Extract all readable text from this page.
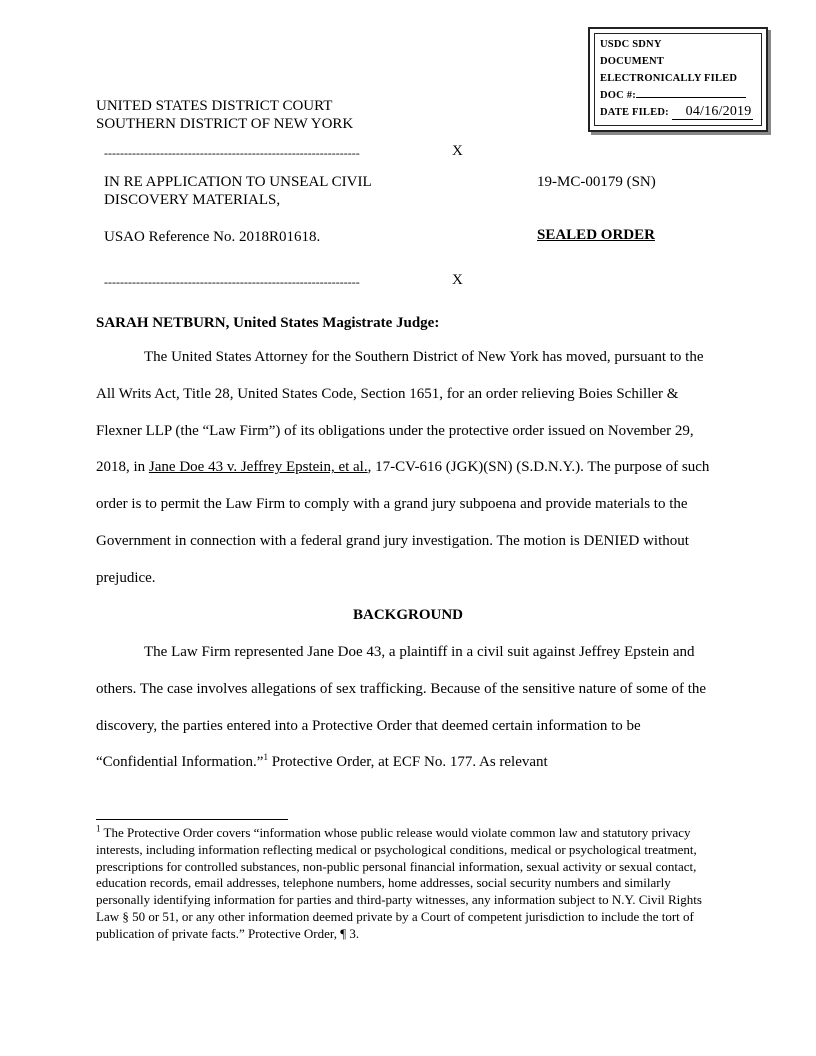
USDC SDNY
DOCUMENT
ELECTRONICALLY FILED
DOC #:
DATE FILED: 04/16/2019
UNITED STATES DISTRICT COURT
SOUTHERN DISTRICT OF NEW YORK
----------------------------------------------------------------	X
IN RE APPLICATION TO UNSEAL CIVIL
DISCOVERY MATERIALS,
19-MC-00179 (SN)
USAO Reference No. 2018R01618.	SEALED ORDER
----------------------------------------------------------------	X
SARAH NETBURN, United States Magistrate Judge:
The United States Attorney for the Southern District of New York has moved, pursuant to the All Writs Act, Title 28, United States Code, Section 1651, for an order relieving Boies Schiller & Flexner LLP (the “Law Firm”) of its obligations under the protective order issued on November 29, 2018, in Jane Doe 43 v. Jeffrey Epstein, et al., 17-CV-616 (JGK)(SN) (S.D.N.Y.). The purpose of such order is to permit the Law Firm to comply with a grand jury subpoena and provide materials to the Government in connection with a federal grand jury investigation. The motion is DENIED without prejudice.
BACKGROUND
The Law Firm represented Jane Doe 43, a plaintiff in a civil suit against Jeffrey Epstein and others. The case involves allegations of sex trafficking. Because of the sensitive nature of some of the discovery, the parties entered into a Protective Order that deemed certain information to be “Confidential Information.”$^1$ Protective Order, at ECF No. 177. As relevant
$^1$ The Protective Order covers “information whose public release would violate common law and statutory privacy interests, including information reflecting medical or psychological conditions, medical or psychological treatment, prescriptions for controlled substances, non-public personal financial information, sexual activity or sexual contact, education records, email addresses, telephone numbers, home addresses, social security numbers and similarly personally identifying information for parties and third-party witnesses, any information subject to N.Y. Civil Rights Law § 50 or 51, or any other information deemed private by a Court of competent jurisdiction to include the tort of publication of private facts.” Protective Order, ¶ 3.
